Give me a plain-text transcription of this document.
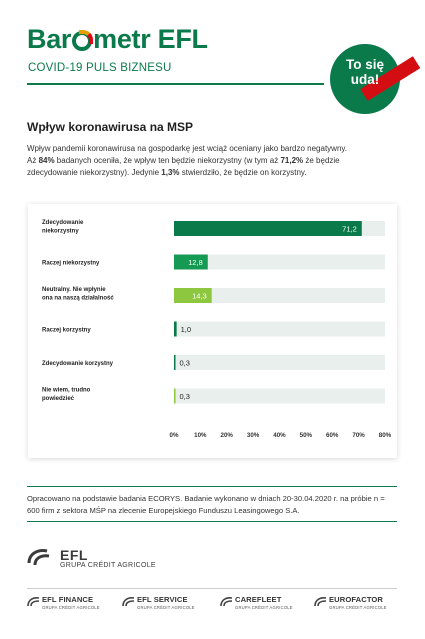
Bar metr EFL
COVID-19 PULS BIZNESU	To się
uda!
Wpływ koronawirusa na MSP
Wpływ pandemii koronawirusa na gospodarkę jest wciąż oceniany jako bardzo negatywny.
Aż 84% badanych oceniła, że wpływ ten będzie niekorzystny (w tym aż 71,2% że będzie
zdecydowanie niekorzystny). Jedynie 1,3% stwierdziło, że będzie on korzystny.
71,2
Zdecydowanie
niekorzystny
12,8
Raczej niekorzystny
14,3
Neutralny. Nie wpłynie
ona na naszą działalność
1,0
Raczej korzystny
0,3
Zdecydowanie korzystny
0,3
Nie wiem, trudno
powiedzieć
0%	10% 20% 30% 40% 50% 60% 70% 80%
Opracowano na podstawie badania ECORYS. Badanie wykonano w dniach 20-30.04.2020 r. na próbie n = 600 firm z sektora MŚP na zlecenie Europejskiego Funduszu Leasingowego S.A.
EFL
GRUPA CRÉDIT AGRICOLE
EFL FINANCE
GRUPA CRÉDIT AGRICOLE
EFL SERVICE
GRUPA CRÉDIT AGRICOLE
CAREFLEET
GRUPA CRÉDIT AGRICOLE
EUROFACTOR
GRUPA CRÉDIT AGRICOLE
